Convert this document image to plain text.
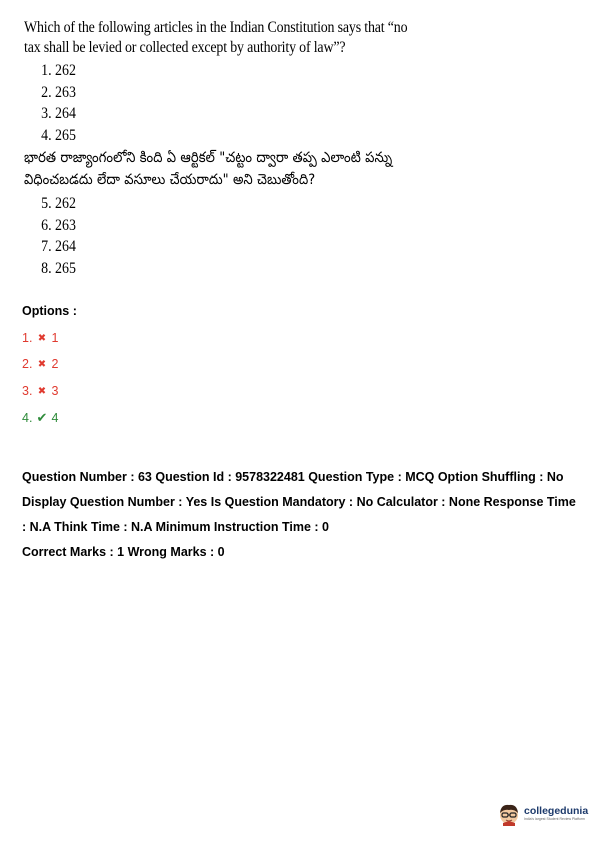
Which of the following articles in the Indian Constitution says that “no tax shall be levied or collected except by authority of law”?
1. 262
2. 263
3. 264
4. 265
భారత రాజ్యాంగంలోని కింది ఏ ఆర్టికల్ "చట్టం ద్వారా తప్ప ఎలాంటి పన్ను విధించబడదు లేదా వసూలు చేయరాదు" అని చెబుతోంది?
5. 262
6. 263
7. 264
8. 265
Options :
1. ✖ 1
2. ✖ 2
3. ✖ 3
4. ✔ 4

Question Number : 63 Question Id : 9578322481 Question Type : MCQ Option Shuffling : No

Display Question Number : Yes Is Question Mandatory : No Calculator : None Response Time

: N.A Think Time : N.A Minimum Instruction Time : 0

Correct Marks : 1 Wrong Marks : 0

collegedunia
India's largest Student Review Platform
